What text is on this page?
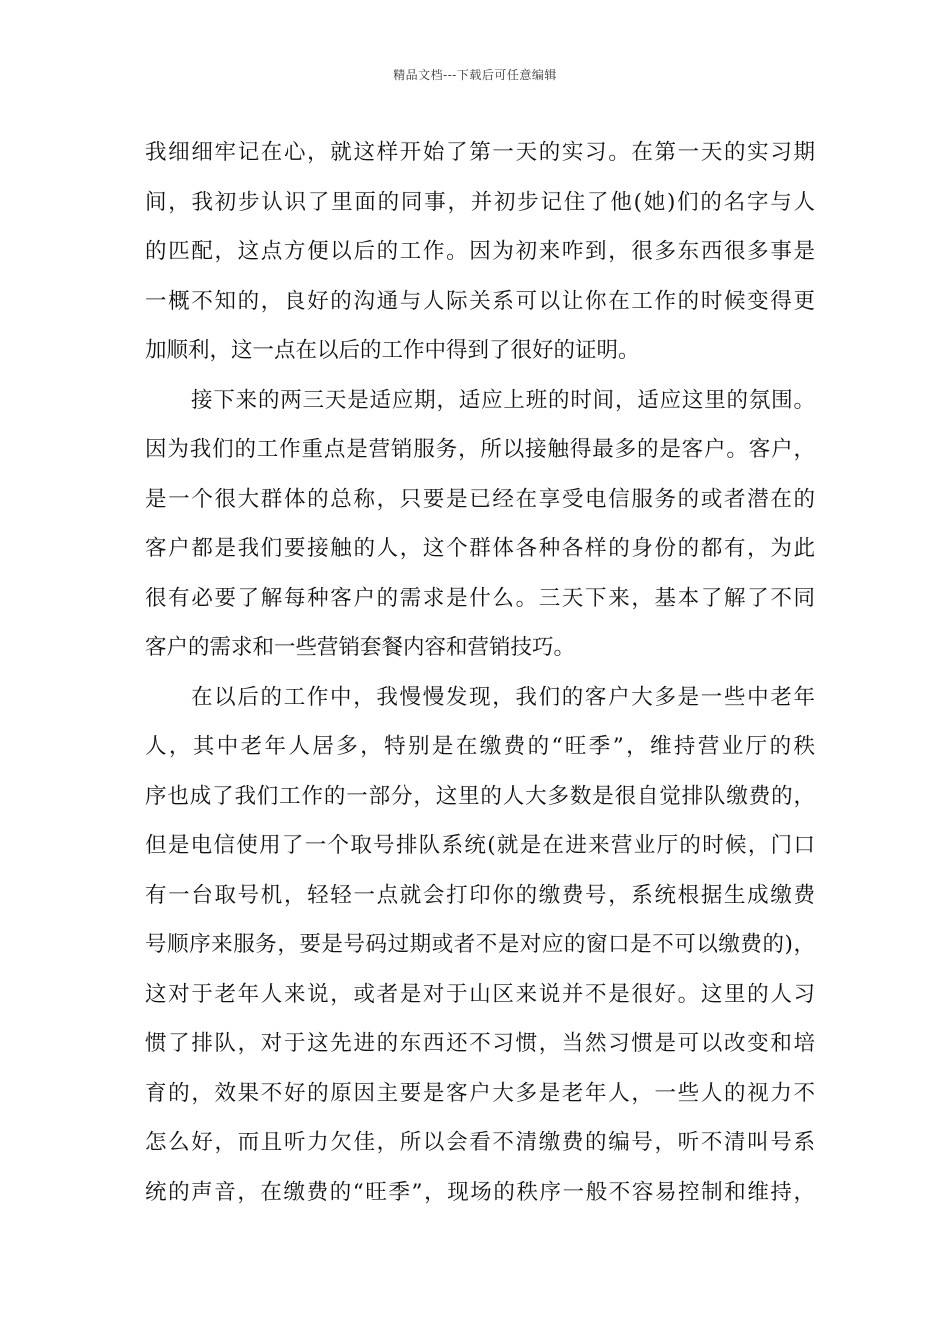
精品文档---下载后可任意编辑
我细细牢记在心，就这样开始了第一天的实习。在第一天的实习期
间，我初步认识了里面的同事，并初步记住了他(她)们的名字与人
的匹配，这点方便以后的工作。因为初来咋到，很多东西很多事是
一概不知的，良好的沟通与人际关系可以让你在工作的时候变得更
加顺利，这一点在以后的工作中得到了很好的证明。
接下来的两三天是适应期，适应上班的时间，适应这里的氛围。
因为我们的工作重点是营销服务，所以接触得最多的是客户。客户，
是一个很大群体的总称，只要是已经在享受电信服务的或者潜在的
客户都是我们要接触的人，这个群体各种各样的身份的都有，为此
很有必要了解每种客户的需求是什么。三天下来，基本了解了不同
客户的需求和一些营销套餐内容和营销技巧。
在以后的工作中，我慢慢发现，我们的客户大多是一些中老年
人，其中老年人居多，特别是在缴费的“旺季”，维持营业厅的秩
序也成了我们工作的一部分，这里的人大多数是很自觉排队缴费的，
但是电信使用了一个取号排队系统(就是在进来营业厅的时候，门口
有一台取号机，轻轻一点就会打印你的缴费号，系统根据生成缴费
号顺序来服务，要是号码过期或者不是对应的窗口是不可以缴费的)，
这对于老年人来说，或者是对于山区来说并不是很好。这里的人习
惯了排队，对于这先进的东西还不习惯，当然习惯是可以改变和培
育的，效果不好的原因主要是客户大多是老年人，一些人的视力不
怎么好，而且听力欠佳，所以会看不清缴费的编号，听不清叫号系
统的声音，在缴费的“旺季”，现场的秩序一般不容易控制和维持，
